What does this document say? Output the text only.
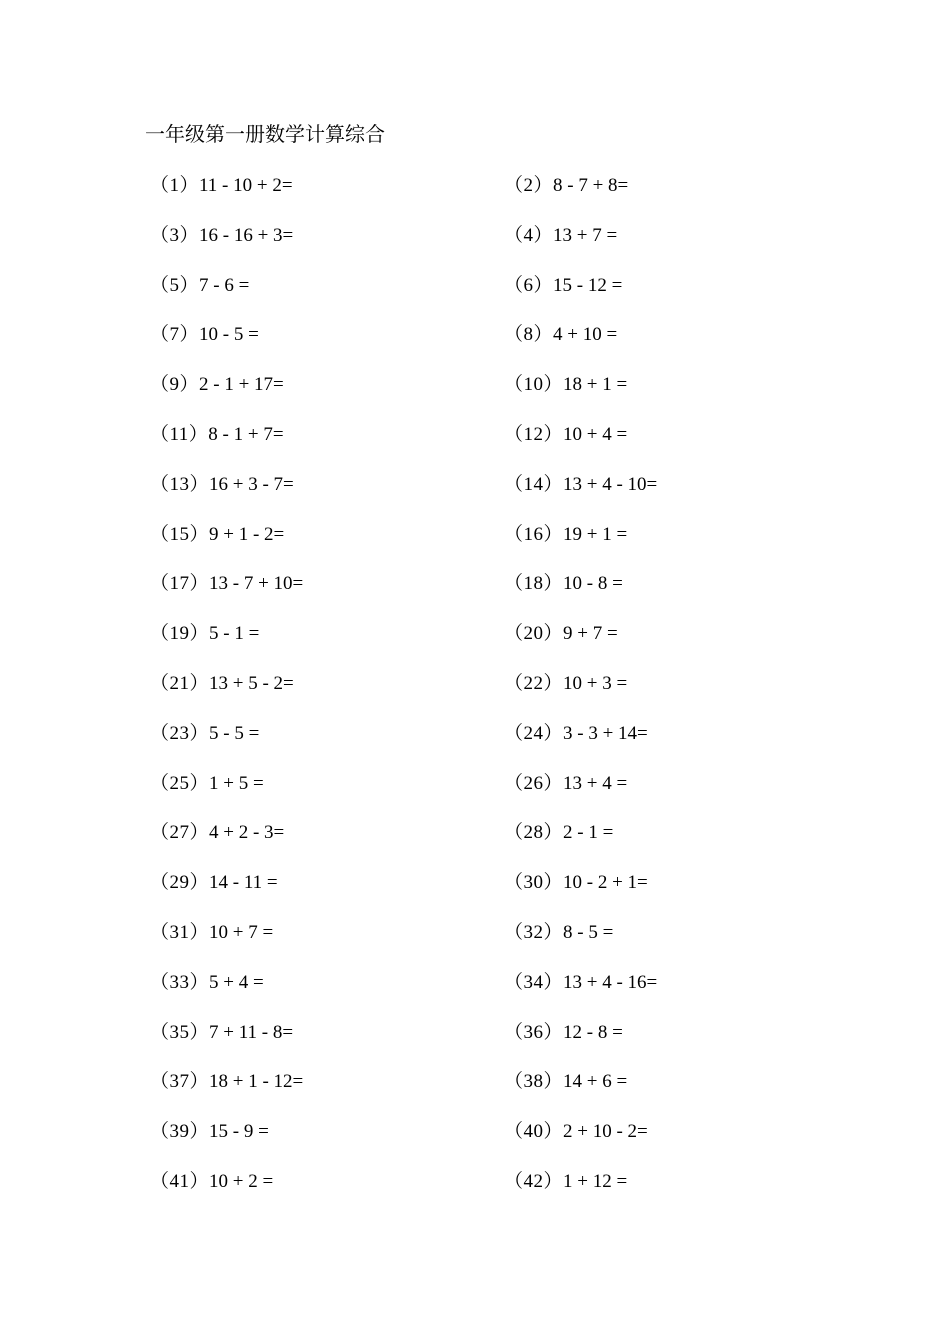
一年级第一册数学计算综合
（1）11 - 10 + 2=	（2）8 - 7 + 8=
（3）16 - 16 + 3=	（4）13 + 7 =
（5）7 - 6 =	（6）15 - 12 =
（7）10 - 5 =	（8）4 + 10 =
（9）2 - 1 + 17=	（10）18 + 1 =
（11）8 - 1 + 7=	（12）10 + 4 =
（13）16 + 3 - 7=	（14）13 + 4 - 10=
（15）9 + 1 - 2=	（16）19 + 1 =
（17）13 - 7 + 10=	（18）10 - 8 =
（19）5 - 1 =	（20）9 + 7 =
（21）13 + 5 - 2=	（22）10 + 3 =
（23）5 - 5 =	（24）3 - 3 + 14=
（25）1 + 5 =	（26）13 + 4 =
（27）4 + 2 - 3=	（28）2 - 1 =
（29）14 - 11 =	（30）10 - 2 + 1=
（31）10 + 7 =	（32）8 - 5 =
（33）5 + 4 =	（34）13 + 4 - 16=
（35）7 + 11 - 8=	（36）12 - 8 =
（37）18 + 1 - 12=	（38）14 + 6 =
（39）15 - 9 =	（40）2 + 10 - 2=
（41）10 + 2 =	（42）1 + 12 =
